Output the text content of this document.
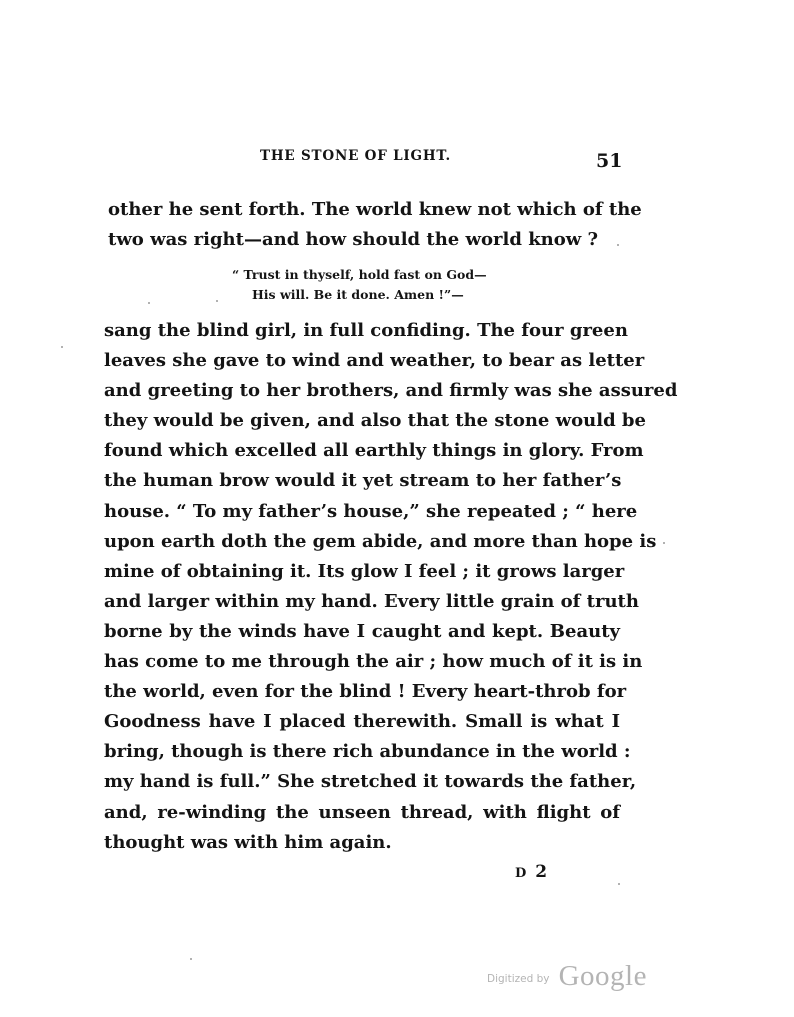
THE STONE OF LIGHT.	51
other he sent forth. The world knew not which of the
two was right—and how should the world know ?
“ Trust in thyself, hold fast on God—
His will. Be it done. Amen !”—
sang the blind girl, in full confiding. The four green
leaves she gave to wind and weather, to bear as letter
and greeting to her brothers, and firmly was she assured
they would be given, and also that the stone would be
found which excelled all earthly things in glory. From
the human brow would it yet stream to her father’s
house. “ To my father’s house,” she repeated ; “ here
upon earth doth the gem abide, and more than hope is
mine of obtaining it. Its glow I feel ; it grows larger
and larger within my hand. Every little grain of truth
borne by the winds have I caught and kept. Beauty
has come to me through the air ; how much of it is in
the world, even for the blind ! Every heart-throb for
Goodness have I placed therewith. Small is what I
bring, though is there rich abundance in the world :
my hand is full.” She stretched it towards the father,
and, re-winding the unseen thread, with flight of
thought was with him again.
D 2
Digitized by Google
